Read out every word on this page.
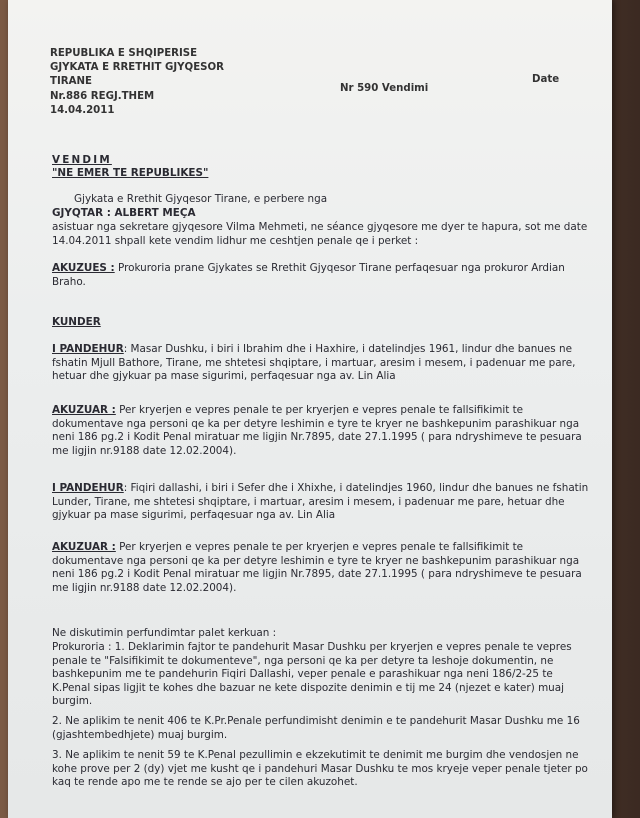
REPUBLIKA E SHQIPERISE
GJYKATA E RRETHIT GJYQESOR
TIRANE
Nr.886 REGJ.THEM
14.04.2011
Nr 590 Vendimi
Date
VENDIM
"NE EMER TE REPUBLIKES"
Gjykata e Rrethit Gjyqesor Tirane, e perbere nga
GJYQTAR : ALBERT MEÇA
asistuar nga sekretare gjyqesore Vilma Mehmeti, ne séance gjyqesore me dyer te hapura, sot me date 14.04.2011 shpall kete vendim lidhur me ceshtjen penale qe i perket :
AKUZUES : Prokuroria prane Gjykates se Rrethit Gjyqesor Tirane perfaqesuar nga prokuror Ardian Braho.
KUNDER
I PANDEHUR: Masar Dushku, i biri i Ibrahim dhe i Haxhire, i datelindjes 1961, lindur dhe banues ne fshatin Mjull Bathore, Tirane, me shtetesi shqiptare, i martuar, aresim i mesem, i padenuar me pare, hetuar dhe gjykuar pa mase sigurimi, perfaqesuar nga av. Lin Alia
AKUZUAR : Per kryerjen e vepres penale te per kryerjen e vepres penale te fallsifikimit te dokumentave nga personi qe ka per detyre leshimin e tyre te kryer ne bashkepunim parashikuar nga neni 186 pg.2 i Kodit Penal miratuar me ligjin Nr.7895, date 27.1.1995 ( para ndryshimeve te pesuara me ligjin nr.9188 date 12.02.2004).
I PANDEHUR: Fiqiri dallashi, i biri i Sefer dhe i Xhixhe, i datelindjes 1960, lindur dhe banues ne fshatin Lunder, Tirane, me shtetesi shqiptare, i martuar, aresim i mesem, i padenuar me pare, hetuar dhe gjykuar pa mase sigurimi, perfaqesuar nga av. Lin Alia
AKUZUAR : Per kryerjen e vepres penale te per kryerjen e vepres penale te fallsifikimit te dokumentave nga personi qe ka per detyre leshimin e tyre te kryer ne bashkepunim parashikuar nga neni 186 pg.2 i Kodit Penal miratuar me ligjin Nr.7895, date 27.1.1995 ( para ndryshimeve te pesuara me ligjin nr.9188 date 12.02.2004).
Ne diskutimin perfundimtar palet kerkuan :
Prokuroria : 1. Deklarimin fajtor te pandehurit Masar Dushku per kryerjen e vepres penale te vepres penale te "Falsifikimit te dokumenteve", nga personi qe ka per detyre ta leshoje dokumentin, ne bashkepunim me te pandehurin Fiqiri Dallashi, veper penale e parashikuar nga neni 186/2-25 te K.Penal sipas ligjit te kohes dhe bazuar ne kete dispozite denimin e tij me 24 (njezet e kater) muaj burgim.
2. Ne aplikim te nenit 406 te K.Pr.Penale perfundimisht denimin e te pandehurit Masar Dushku me 16 (gjashtembedhjete) muaj burgim.
3. Ne aplikim te nenit 59 te K.Penal pezullimin e ekzekutimit te denimit me burgim dhe vendosjen ne kohe prove per 2 (dy) vjet me kusht qe i pandehuri Masar Dushku te mos kryeje veper penale tjeter po kaq te rende apo me te rende se ajo per te cilen akuzohet.
